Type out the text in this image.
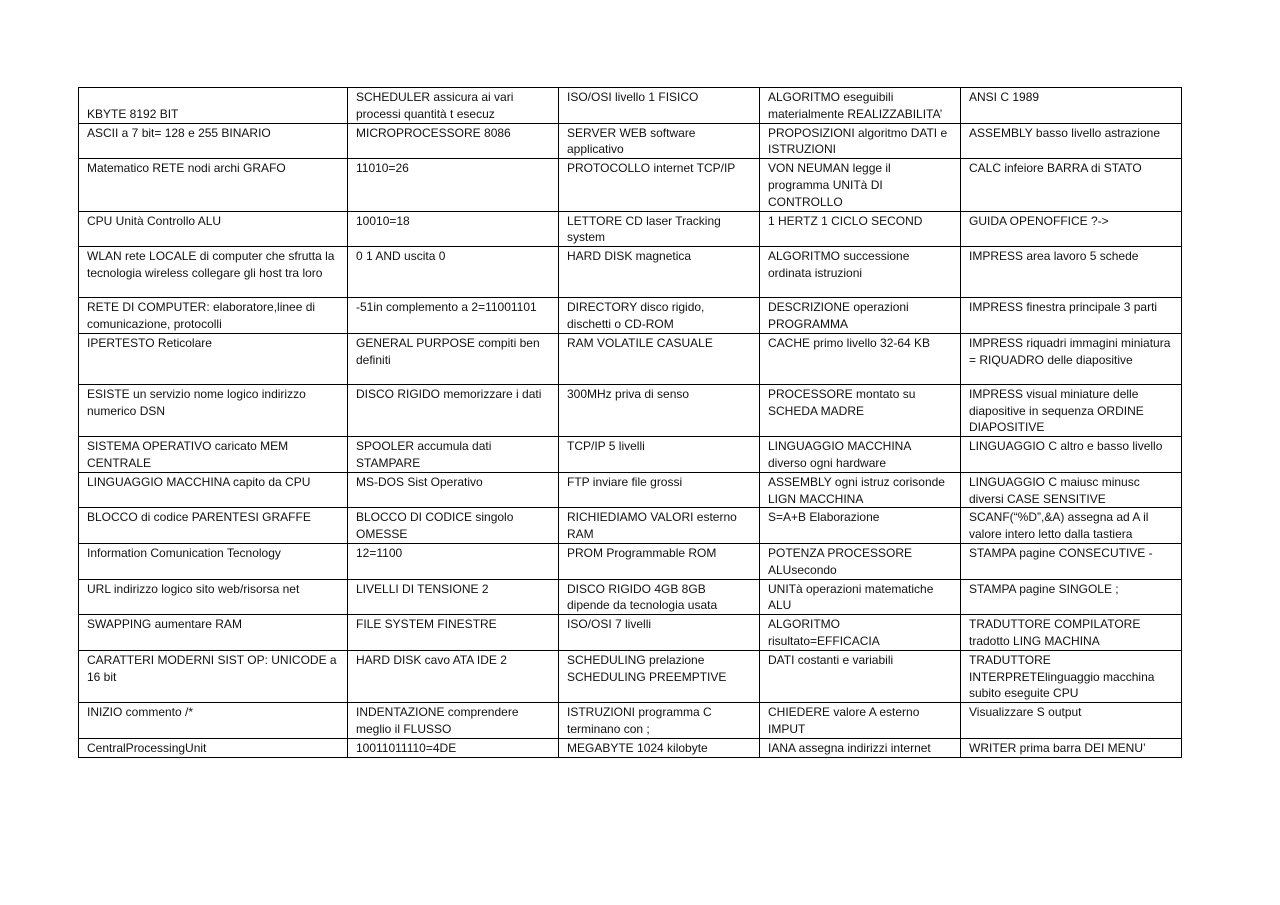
KBYTE 8192 BIT	SCHEDULER assicura ai vari processi quantità t esecuz	ISO/OSI livello 1 FISICO	ALGORITMO eseguibili materialmente REALIZZABILITA’	ANSI C 1989
ASCII a 7 bit= 128 e 255 BINARIO	MICROPROCESSORE 8086	SERVER WEB software applicativo	PROPOSIZIONI algoritmo DATI e ISTRUZIONI	ASSEMBLY basso livello astrazione
Matematico RETE nodi archi GRAFO	11010=26	PROTOCOLLO internet TCP/IP	VON NEUMAN legge il programma UNITà DI CONTROLLO	CALC infeiore BARRA di STATO
CPU Unità Controllo ALU	10010=18	LETTORE CD laser Tracking system	1 HERTZ 1 CICLO SECOND	GUIDA OPENOFFICE ?->
WLAN rete LOCALE di computer che sfrutta la tecnologia wireless collegare gli host tra loro	0 1 AND uscita 0	HARD DISK magnetica	ALGORITMO successione ordinata istruzioni	IMPRESS area lavoro 5 schede
RETE DI COMPUTER: elaboratore,linee di comunicazione, protocolli	-51in complemento a 2=11001101	DIRECTORY disco rigido, dischetti o CD-ROM	DESCRIZIONE operazioni PROGRAMMA	IMPRESS finestra principale 3 parti
IPERTESTO Reticolare	GENERAL PURPOSE compiti ben definiti	RAM VOLATILE CASUALE	CACHE primo livello 32-64 KB	IMPRESS riquadri immagini miniatura = RIQUADRO delle diapositive
ESISTE un servizio nome logico indirizzo numerico DSN	DISCO RIGIDO memorizzare i dati	300MHz priva di senso	PROCESSORE montato su SCHEDA MADRE	IMPRESS visual miniature delle diapositive in sequenza ORDINE DIAPOSITIVE
SISTEMA OPERATIVO caricato MEM CENTRALE	SPOOLER accumula dati STAMPARE	TCP/IP 5 livelli	LINGUAGGIO MACCHINA diverso ogni hardware	LINGUAGGIO C altro e basso livello
LINGUAGGIO MACCHINA capito da CPU	MS-DOS Sist Operativo	FTP inviare file grossi	ASSEMBLY ogni istruz corisonde LIGN MACCHINA	LINGUAGGIO C maiusc minusc diversi CASE SENSITIVE
BLOCCO di codice PARENTESI GRAFFE	BLOCCO DI CODICE singolo OMESSE	RICHIEDIAMO VALORI esterno RAM	S=A+B Elaborazione	SCANF(“%D”,&A) assegna ad A il valore intero letto dalla tastiera
Information Comunication Tecnology	12=1100	PROM Programmable ROM	POTENZA PROCESSORE ALUsecondo	STAMPA pagine CONSECUTIVE -
URL indirizzo logico sito web/risorsa net	LIVELLI DI TENSIONE 2	DISCO RIGIDO 4GB 8GB dipende da tecnologia usata	UNITà operazioni matematiche ALU	STAMPA pagine SINGOLE ;
SWAPPING aumentare RAM	FILE SYSTEM FINESTRE	ISO/OSI 7 livelli	ALGORITMO risultato=EFFICACIA	TRADUTTORE COMPILATORE tradotto LING MACHINA
CARATTERI MODERNI SIST OP: UNICODE a 16 bit	HARD DISK cavo ATA IDE 2	SCHEDULING prelazione SCHEDULING PREEMPTIVE	DATI costanti e variabili	TRADUTTORE INTERPRETElinguaggio macchina subito eseguite CPU
INIZIO commento /*	INDENTAZIONE comprendere meglio il FLUSSO	ISTRUZIONI programma C terminano con ;	CHIEDERE valore A esterno IMPUT	Visualizzare S output
CentralProcessingUnit	10011011110=4DE	MEGABYTE 1024 kilobyte	IANA assegna indirizzi internet	WRITER prima barra DEI MENU’
